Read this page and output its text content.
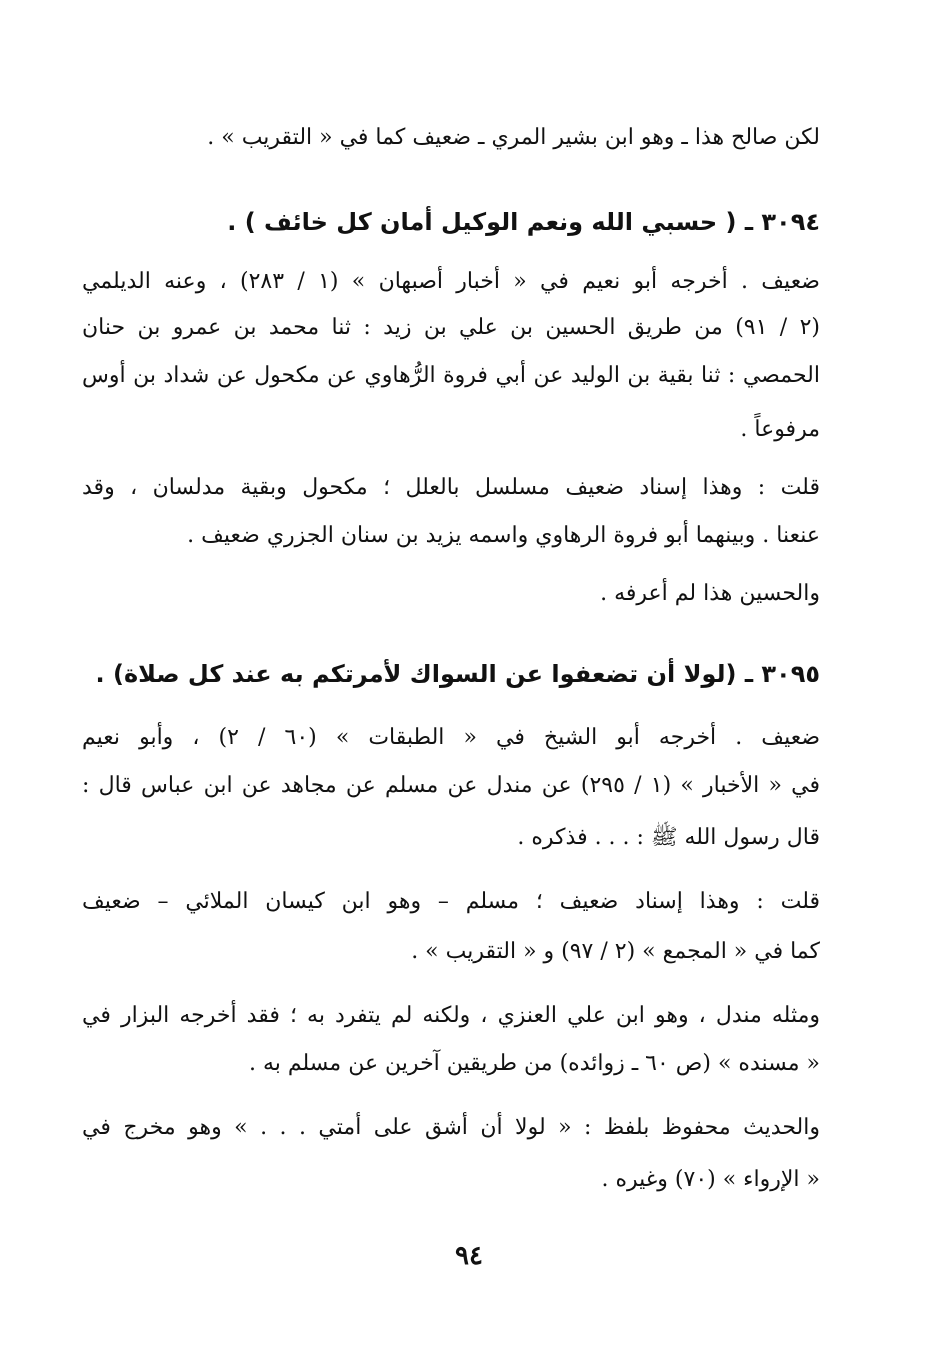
لكن صالح هذا ـ وهو ابن بشير المري ـ ضعيف كما في « التقريب » .
٣٠٩٤ ـ ( حسبي الله ونعم الوكيل أمان كل خائف ) .
ضعيف . أخرجه أبو نعيم في « أخبار أصبهان » (١ / ٢٨٣) ، وعنه الديلمي
(٢ / ٩١) من طريق الحسين بن علي بن زيد : ثنا محمد بن عمرو بن حنان
الحمصي : ثنا بقية بن الوليد عن أبي فروة الرُّهاوي عن مكحول عن شداد بن أوس
مرفوعاً .
قلت : وهذا إسناد ضعيف مسلسل بالعلل ؛ مكحول وبقية مدلسان ، وقد
عنعنا . وبينهما أبو فروة الرهاوي واسمه يزيد بن سنان الجزري ضعيف .
والحسين هذا لم أعرفه .
٣٠٩٥ ـ (لولا أن تضعفوا عن السواك لأمرتكم به عند كل صلاة) .
ضعيف . أخرجه أبو الشيخ في « الطبقات » (٦٠ / ٢) ، وأبو نعيم
في « الأخبار » (١ / ٢٩٥) عن مندل عن مسلم عن مجاهد عن ابن عباس قال :
قال رسول الله ﷺ : . . . فذكره .
قلت : وهذا إسناد ضعيف ؛ مسلم – وهو ابن كيسان الملائي – ضعيف
كما في « المجمع » (٢ / ٩٧) و « التقريب » .
ومثله مندل ، وهو ابن علي العنزي ، ولكنه لم يتفرد به ؛ فقد أخرجه البزار في
« مسنده » (ص ٦٠ ـ زوائده) من طريقين آخرين عن مسلم به .
والحديث محفوظ بلفظ : « لولا أن أشق على أمتي . . . » وهو مخرج في
« الإرواء » (٧٠) وغيره .
٩٤
